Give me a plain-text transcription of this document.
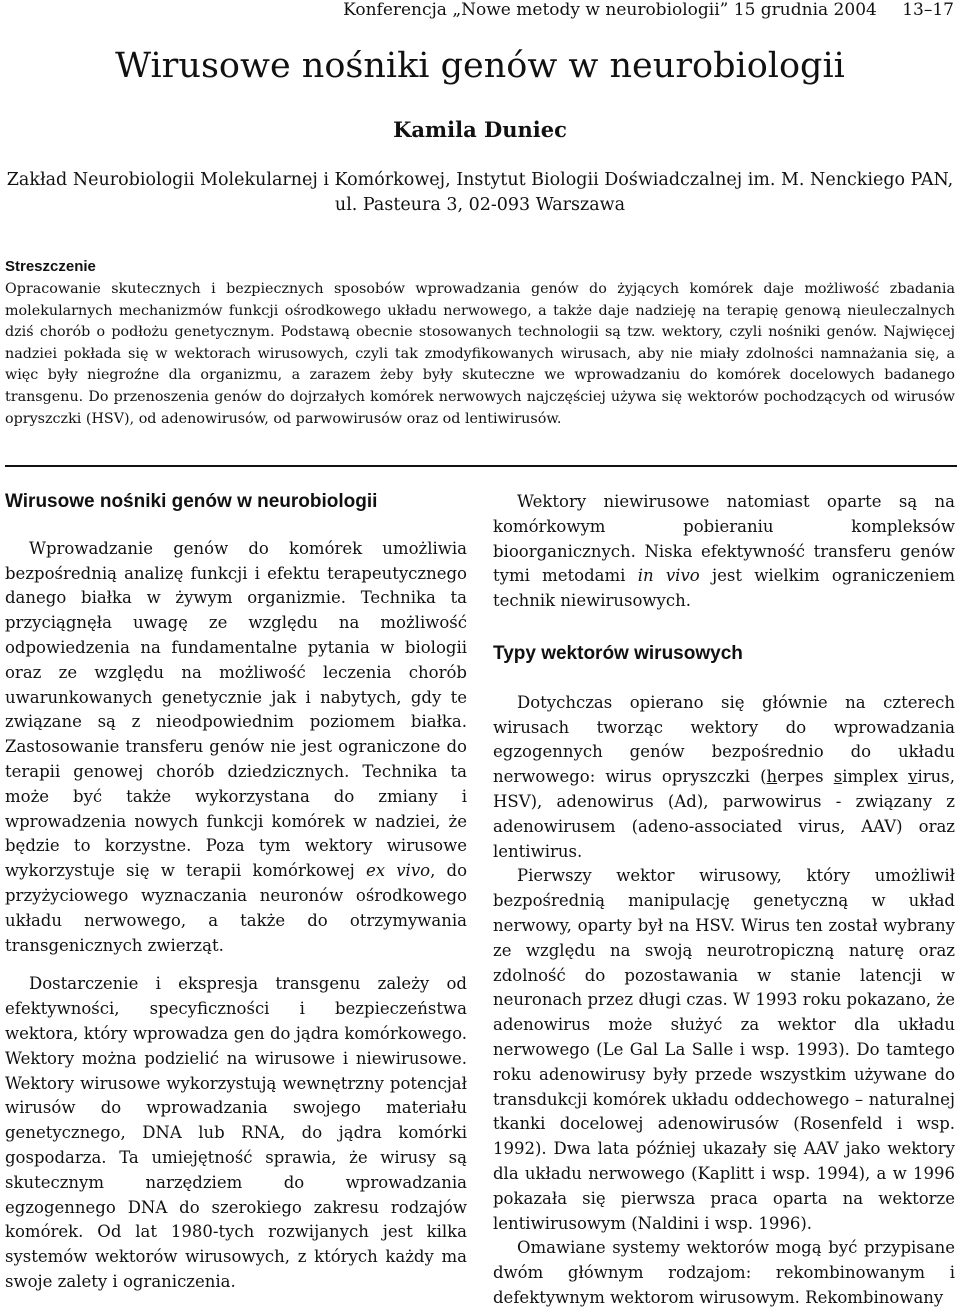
Konferencja „Nowe metody w neurobiologii” 15 grudnia 2004 13–17
Wirusowe nośniki genów w neurobiologii
Kamila Duniec
Zakład Neurobiologii Molekularnej i Komórkowej, Instytut Biologii Doświadczalnej im. M. Nenckiego PAN,
ul. Pasteura 3, 02-093 Warszawa
Streszczenie

Opracowanie skutecznych i bezpiecznych sposobów wprowadzania genów do żyjących komórek daje możliwość zbadania molekularnych mechanizmów funkcji ośrodkowego układu nerwowego, a także daje nadzieję na terapię genową nieuleczalnych dziś chorób o podłożu genetycznym. Podstawą obecnie stosowanych technologii są tzw. wektory, czyli nośniki genów. Najwięcej nadziei pokłada się w wektorach wirusowych, czyli tak zmodyfikowanych wirusach, aby nie miały zdolności namnażania się, a więc były niegroźne dla organizmu, a zarazem żeby były skuteczne we wprowadzaniu do komórek docelowych badanego transgenu. Do przenoszenia genów do dojrzałych komórek nerwowych najczęściej używa się wektorów pochodzących od wirusów opryszczki (HSV), od adenowirusów, od parwowirusów oraz od lentiwirusów.

Wirusowe nośniki genów w neurobiologii

Wprowadzanie genów do komórek umożliwia bezpośrednią analizę funkcji i efektu terapeutycznego danego białka w żywym organizmie. Technika ta przyciągnęła uwagę ze względu na możliwość odpowiedzenia na fundamentalne pytania w biologii oraz ze względu na możliwość leczenia chorób uwarunkowanych genetycznie jak i nabytych, gdy te związane są z nieodpowiednim poziomem białka. Zastosowanie transferu genów nie jest ograniczone do terapii genowej chorób dziedzicznych. Technika ta może być także wykorzystana do zmiany i wprowadzenia nowych funkcji komórek w nadziei, że będzie to korzystne. Poza tym wektory wirusowe wykorzystuje się w terapii komórkowej ex vivo, do przyżyciowego wyznaczania neuronów ośrodkowego układu nerwowego, a także do otrzymywania transgenicznych zwierząt.

Dostarczenie i ekspresja transgenu zależy od efektywności, specyficzności i bezpieczeństwa wektora, który wprowadza gen do jądra komórkowego. Wektory można podzielić na wirusowe i niewirusowe. Wektory wirusowe wykorzystują wewnętrzny potencjał wirusów do wprowadzania swojego materiału genetycznego, DNA lub RNA, do jądra komórki gospodarza. Ta umiejętność sprawia, że wirusy są skutecznym narzędziem do wprowadzania egzogennego DNA do szerokiego zakresu rodzajów komórek. Od lat 1980-tych rozwijanych jest kilka systemów wektorów wirusowych, z których każdy ma swoje zalety i ograniczenia.

Wektory niewirusowe natomiast oparte są na komórkowym pobieraniu kompleksów bioorganicznych. Niska efektywność transferu genów tymi metodami in vivo jest wielkim ograniczeniem technik niewirusowych.

Typy wektorów wirusowych

Dotychczas opierano się głównie na czterech wirusach tworząc wektory do wprowadzania egzogennych genów bezpośrednio do układu nerwowego: wirus opryszczki (herpes simplex virus, HSV), adenowirus (Ad), parwowirus - związany z adenowirusem (adeno-associated virus, AAV) oraz lentiwirus.

Pierwszy wektor wirusowy, który umożliwił bezpośrednią manipulację genetyczną w układ nerwowy, oparty był na HSV. Wirus ten został wybrany ze względu na swoją neurotropiczną naturę oraz zdolność do pozostawania w stanie latencji w neuronach przez długi czas. W 1993 roku pokazano, że adenowirus może służyć za wektor dla układu nerwowego (Le Gal La Salle i wsp. 1993). Do tamtego roku adenowirusy były przede wszystkim używane do transdukcji komórek układu oddechowego – naturalnej tkanki docelowej adenowirusów (Rosenfeld i wsp. 1992). Dwa lata później ukazały się AAV jako wektory dla układu nerwowego (Kaplitt i wsp. 1994), a w 1996 pokazała się pierwsza praca oparta na wektorze lentiwirusowym (Naldini i wsp. 1996).

Omawiane systemy wektorów mogą być przypisane dwóm głównym rodzajom: rekombinowanym i defektywnym wektorom wirusowym. Rekombinowany
